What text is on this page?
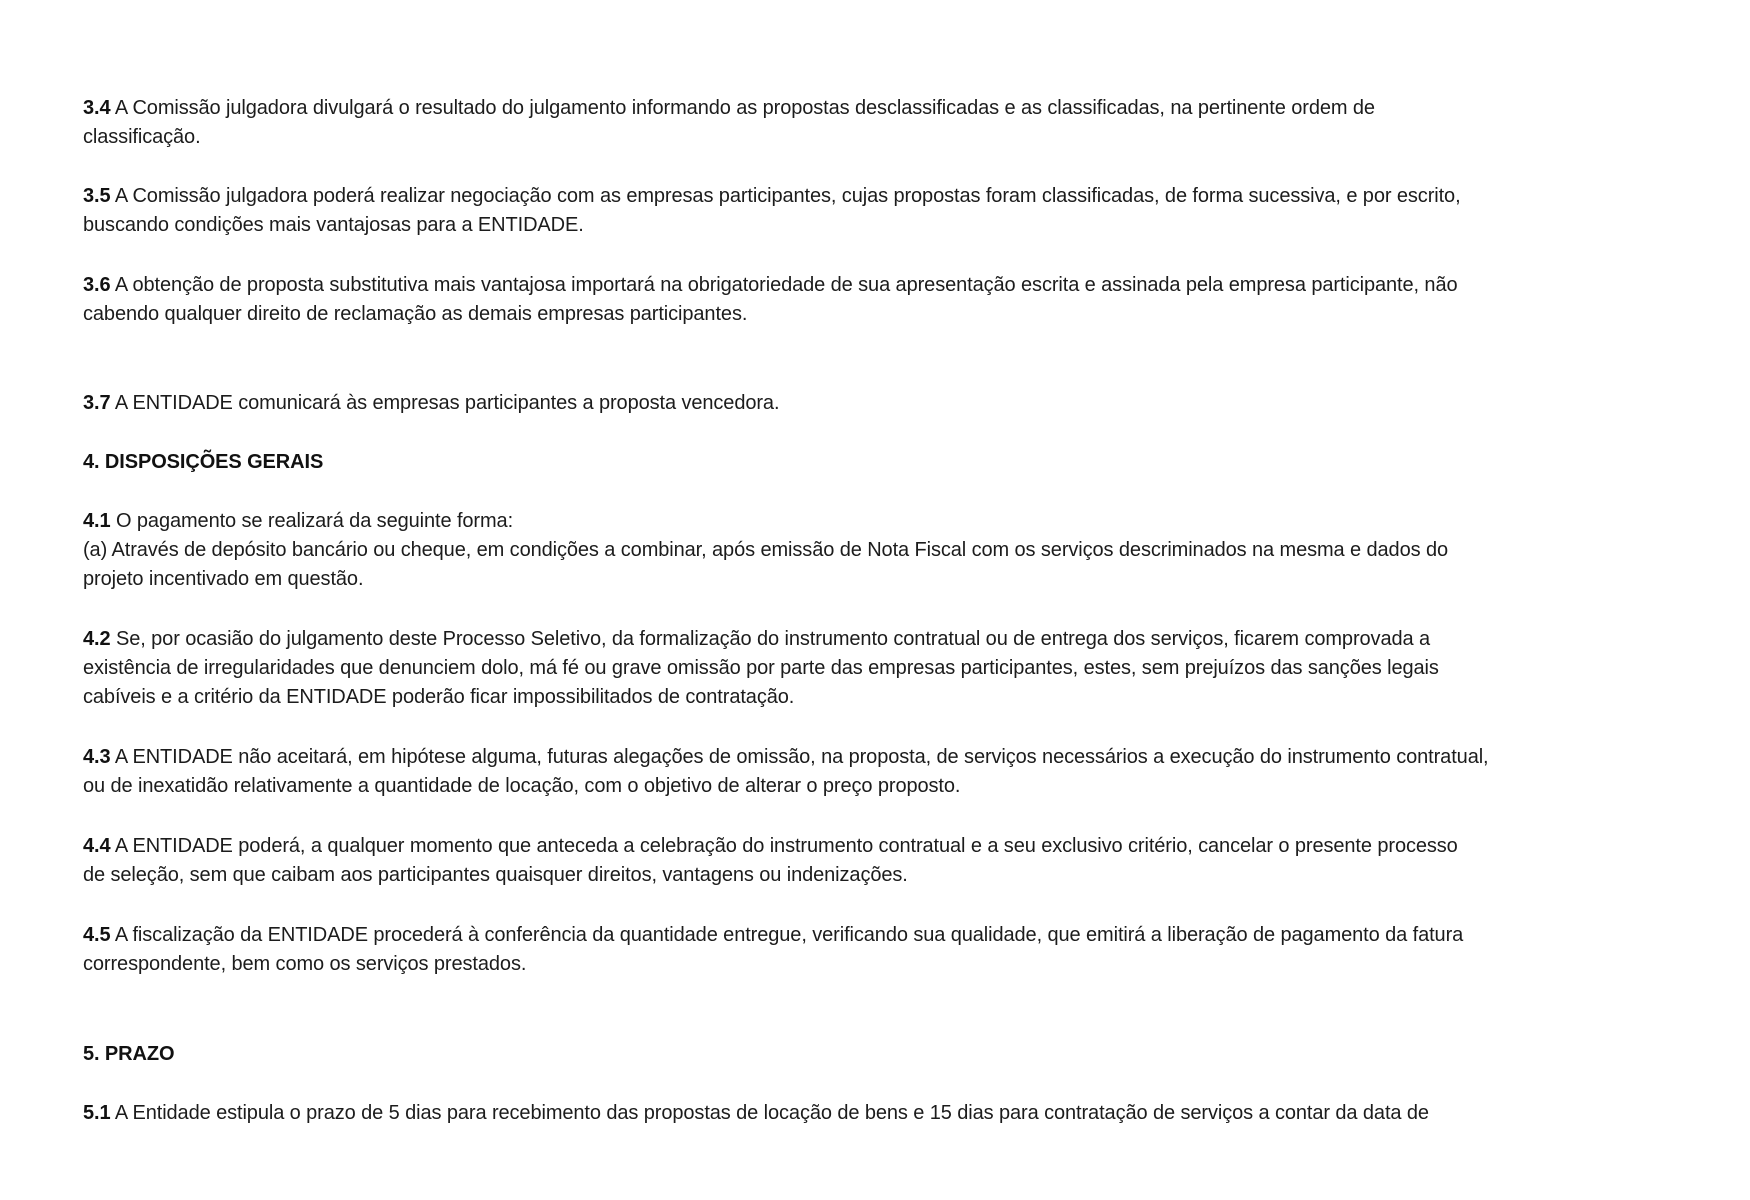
3.4 A Comissão julgadora divulgará o resultado do julgamento informando as propostas desclassificadas e as classificadas, na pertinente ordem de
classificação.
3.5 A Comissão julgadora poderá realizar negociação com as empresas participantes, cujas propostas foram classificadas, de forma sucessiva, e por escrito,
buscando condições mais vantajosas para a ENTIDADE.
3.6 A obtenção de proposta substitutiva mais vantajosa importará na obrigatoriedade de sua apresentação escrita e assinada pela empresa participante, não
cabendo qualquer direito de reclamação as demais empresas participantes.
3.7 A ENTIDADE comunicará às empresas participantes a proposta vencedora.
4. DISPOSIÇÕES GERAIS
4.1 O pagamento se realizará da seguinte forma:
(a) Através de depósito bancário ou cheque, em condições a combinar, após emissão de Nota Fiscal com os serviços descriminados na mesma e dados do
projeto incentivado em questão.
4.2 Se, por ocasião do julgamento deste Processo Seletivo, da formalização do instrumento contratual ou de entrega dos serviços, ficarem comprovada a
existência de irregularidades que denunciem dolo, má fé ou grave omissão por parte das empresas participantes, estes, sem prejuízos das sanções legais
cabíveis e a critério da ENTIDADE poderão ficar impossibilitados de contratação.
4.3 A ENTIDADE não aceitará, em hipótese alguma, futuras alegações de omissão, na proposta, de serviços necessários a execução do instrumento contratual,
ou de inexatidão relativamente a quantidade de locação, com o objetivo de alterar o preço proposto.
4.4 A ENTIDADE poderá, a qualquer momento que anteceda a celebração do instrumento contratual e a seu exclusivo critério, cancelar o presente processo
de seleção, sem que caibam aos participantes quaisquer direitos, vantagens ou indenizações.
4.5 A fiscalização da ENTIDADE procederá à conferência da quantidade entregue, verificando sua qualidade, que emitirá a liberação de pagamento da fatura
correspondente, bem como os serviços prestados.
5. PRAZO
5.1 A Entidade estipula o prazo de 5 dias para recebimento das propostas de locação de bens e 15 dias para contratação de serviços a contar da data de
